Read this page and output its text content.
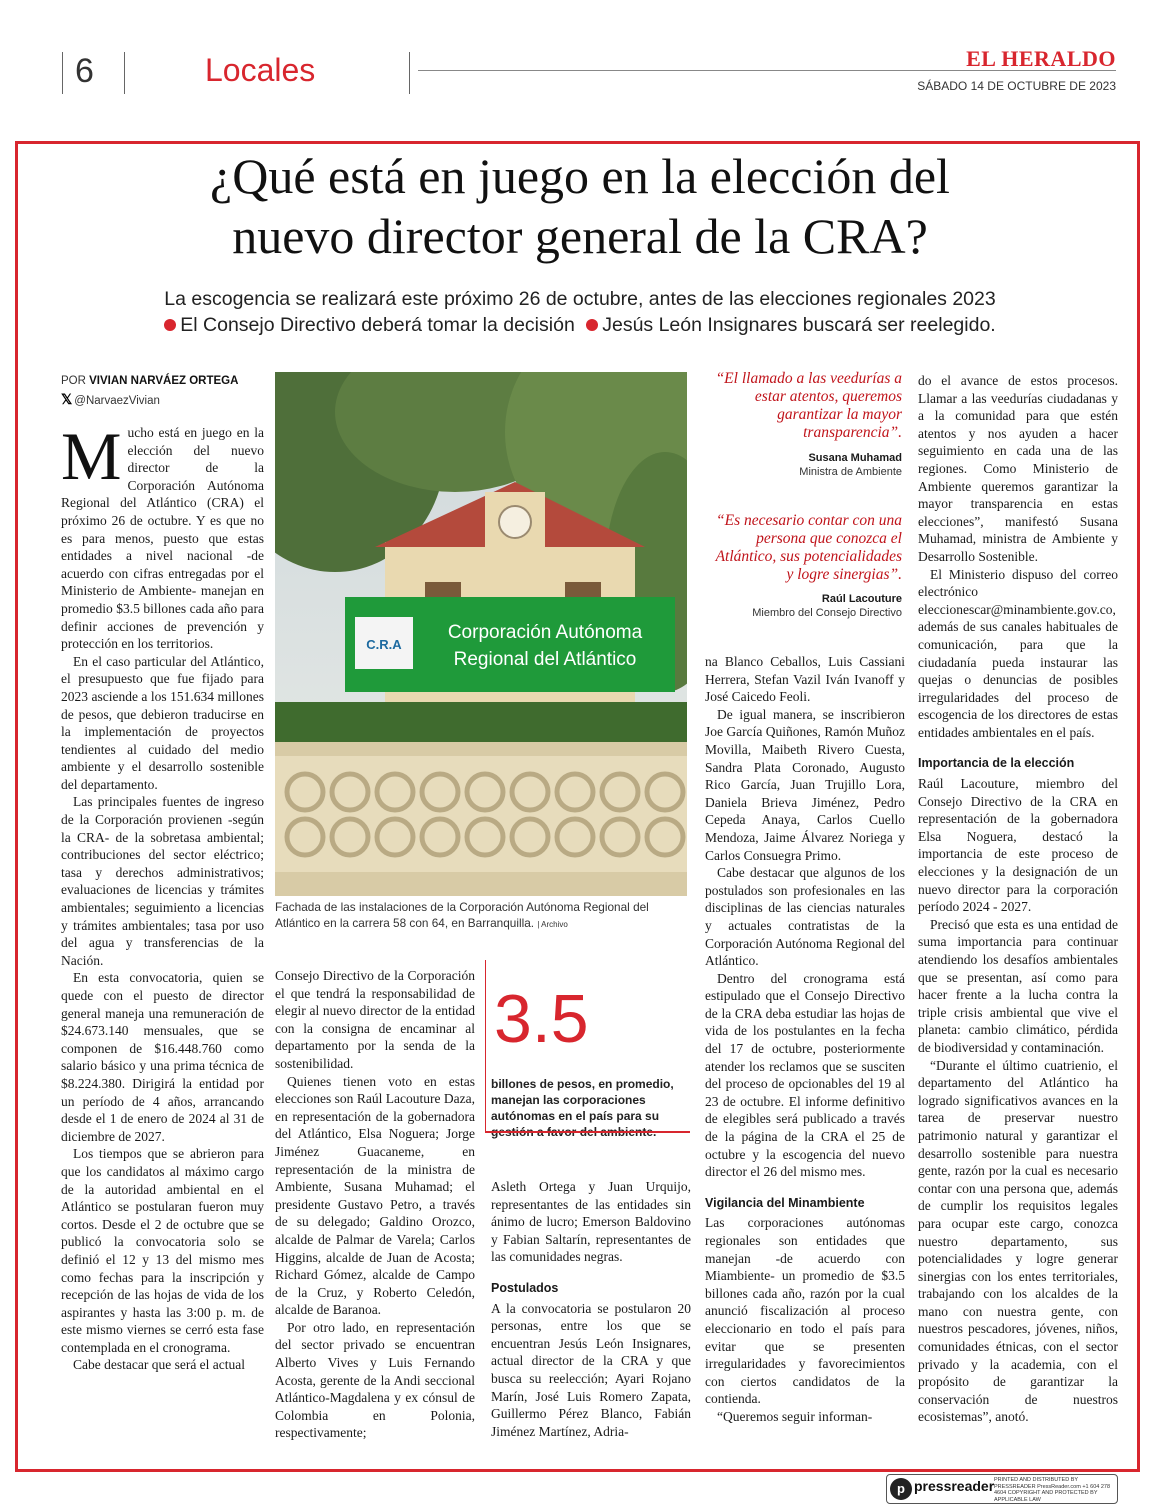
6	Locales	EL HERALDO
SÁBADO 14 DE OCTUBRE DE 2023
¿Qué está en juego en la elección del
nuevo director general de la CRA?
La escogencia se realizará este próximo 26 de octubre, antes de las elecciones regionales 2023
El Consejo Directivo deberá tomar la decisión Jesús León Insignares buscará ser reelegido.
POR VIVIAN NARVÁEZ ORTEGA
𝕏 @NarvaezVivian

Mucho está en juego en la elección del nuevo director de la Corporación Autónoma Regional del Atlántico (CRA) el próximo 26 de octubre. Y es que no es para menos, puesto que estas entidades a nivel nacional -de acuerdo con cifras entregadas por el Ministerio de Ambiente- manejan en promedio $3.5 billones cada año para definir acciones de prevención y protección en los territorios.

En el caso particular del Atlántico, el presupuesto que fue fijado para 2023 asciende a los 151.634 millones de pesos, que debieron traducirse en la implementación de proyectos tendientes al cuidado del medio ambiente y el desarrollo sostenible del departamento.

Las principales fuentes de ingreso de la Corporación provienen -según la CRA- de la sobretasa ambiental; contribuciones del sector eléctrico; tasa y derechos administrativos; evaluaciones de licencias y trámites ambientales; seguimiento a licencias y trámites ambientales; tasa por uso del agua y transferencias de la Nación.

En esta convocatoria, quien se quede con el puesto de director general maneja una remuneración de $24.673.140 mensuales, que se componen de $16.448.760 como salario básico y una prima técnica de $8.224.380. Dirigirá la entidad por un período de 4 años, arrancando desde el 1 de enero de 2024 al 31 de diciembre de 2027.

Los tiempos que se abrieron para que los candidatos al máximo cargo de la autoridad ambiental en el Atlántico se postularan fueron muy cortos. Desde el 2 de octubre que se publicó la convocatoria solo se definió el 12 y 13 del mismo mes como fechas para la inscripción y recepción de las hojas de vida de los aspirantes y hasta las 3:00 p. m. de este mismo viernes se cerró esta fase contemplada en el cronograma.

Cabe destacar que será el actual

C.R.A
Corporación Autónoma
Regional del Atlántico
Fachada de las instalaciones de la Corporación Autónoma Regional del Atlántico en la carrera 58 con 64, en Barranquilla. | Archivo

Consejo Directivo de la Corporación el que tendrá la responsabilidad de elegir al nuevo director de la entidad con la consigna de encaminar al departamento por la senda de la sostenibilidad.

Quienes tienen voto en estas elecciones son Raúl Lacouture Daza, en representación de la gobernadora del Atlántico, Elsa Noguera; Jorge Jiménez Guacaneme, en representación de la ministra de Ambiente, Susana Muhamad; el presidente Gustavo Petro, a través de su delegado; Galdino Orozco, alcalde de Palmar de Varela; Carlos Higgins, alcalde de Juan de Acosta; Richard Gómez, alcalde de Campo de la Cruz, y Roberto Celedón, alcalde de Baranoa.

Por otro lado, en representación del sector privado se encuentran Alberto Vives y Luis Fernando Acosta, gerente de la Andi seccional Atlántico-Magdalena y ex cónsul de Colombia en Polonia, respectivamente;

3.5
billones de pesos, en promedio, manejan las corporaciones autónomas en el país para su

Asleth Ortega y Juan Urquijo, representantes de las entidades sin ánimo de lucro; Emerson Baldovino y Fabian Saltarín, representantes de las comunidades negras.

Postulados

A la convocatoria se postularon 20 personas, entre los que se encuentran Jesús León Insignares, actual director de la CRA y que busca su reelección; Ayari Rojano Marín, José Luis Romero Zapata, Guillermo Pérez Blanco, Fabián Jiménez Martínez, Adria-

“El llamado a las veedurías a estar atentos, queremos garantizar la mayor transparencia”.
Susana Muhamad
Ministra de Ambiente
“Es necesario contar con una persona que conozca el Atlántico, sus potencialidades y logre sinergias”.
Raúl Lacouture
Miembro del Consejo Directivo

na Blanco Ceballos, Luis Cassiani Herrera, Stefan Vazil Iván Ivanoff y José Caicedo Feoli.

De igual manera, se inscribieron Joe García Quiñones, Ramón Muñoz Movilla, Maibeth Rivero Cuesta, Sandra Plata Coronado, Augusto Rico García, Juan Trujillo Lora, Daniela Brieva Jiménez, Pedro Cepeda Anaya, Carlos Cuello Mendoza, Jaime Álvarez Noriega y Carlos Consuegra Primo.

Cabe destacar que algunos de los postulados son profesionales en las disciplinas de las ciencias naturales y actuales contratistas de la Corporación Autónoma Regional del Atlántico.

Dentro del cronograma está estipulado que el Consejo Directivo de la CRA deba estudiar las hojas de vida de los postulantes en la fecha del 17 de octubre, posteriormente atender los reclamos que se susciten del proceso de opcionables del 19 al 23 de octubre. El informe definitivo de elegibles será publicado a través de la página de la CRA el 25 de octubre y la escogencia del nuevo director el 26 del mismo mes.

Vigilancia del Minambiente

Las corporaciones autónomas regionales son entidades que manejan -de acuerdo con Miambiente- un promedio de $3.5 billones cada año, razón por la cual anunció fiscalización al proceso eleccionario en todo el país para evitar que se presenten irregularidades y favorecimientos con ciertos candidatos de la contienda.

“Queremos seguir informan-

do el avance de estos procesos. Llamar a las veedurías ciudadanas y a la comunidad para que estén atentos y nos ayuden a hacer seguimiento en cada una de las regiones. Como Ministerio de Ambiente queremos garantizar la mayor transparencia en estas elecciones”, manifestó Susana Muhamad, ministra de Ambiente y Desarrollo Sostenible.

El Ministerio dispuso del correo electrónico eleccionescar@minambiente.gov.co, además de sus canales habituales de comunicación, para que la ciudadanía pueda instaurar las quejas o denuncias de posibles irregularidades del proceso de escogencia de los directores de estas entidades ambientales en el país.

Importancia de la elección

Raúl Lacouture, miembro del Consejo Directivo de la CRA en representación de la gobernadora Elsa Noguera, destacó la importancia de este proceso de elecciones y la designación de un nuevo director para la corporación período 2024 - 2027.

Precisó que esta es una entidad de suma importancia para continuar atendiendo los desafíos ambientales que se presentan, así como para hacer frente a la lucha contra la triple crisis ambiental que vive el planeta: cambio climático, pérdida de biodiversidad y contaminación.

“Durante el último cuatrienio, el departamento del Atlántico ha logrado significativos avances en la tarea de preservar nuestro patrimonio natural y garantizar el desarrollo sostenible para nuestra gente, razón por la cual es necesario contar con una persona que, además de cumplir los requisitos legales para ocupar este cargo, conozca nuestro departamento, sus potencialidades y logre generar sinergias con los entes territoriales, trabajando con los alcaldes de la mano con nuestra gente, con nuestros pescadores, jóvenes, niños, comunidades étnicas, con el sector privado y la academia, con el propósito de garantizar la conservación de nuestros ecosistemas”, anotó.

p pressreader PRINTED AND DISTRIBUTED BY PRESSREADER PressReader.com +1 604 278 4604 COPYRIGHT AND PROTECTED BY APPLICABLE LAW
